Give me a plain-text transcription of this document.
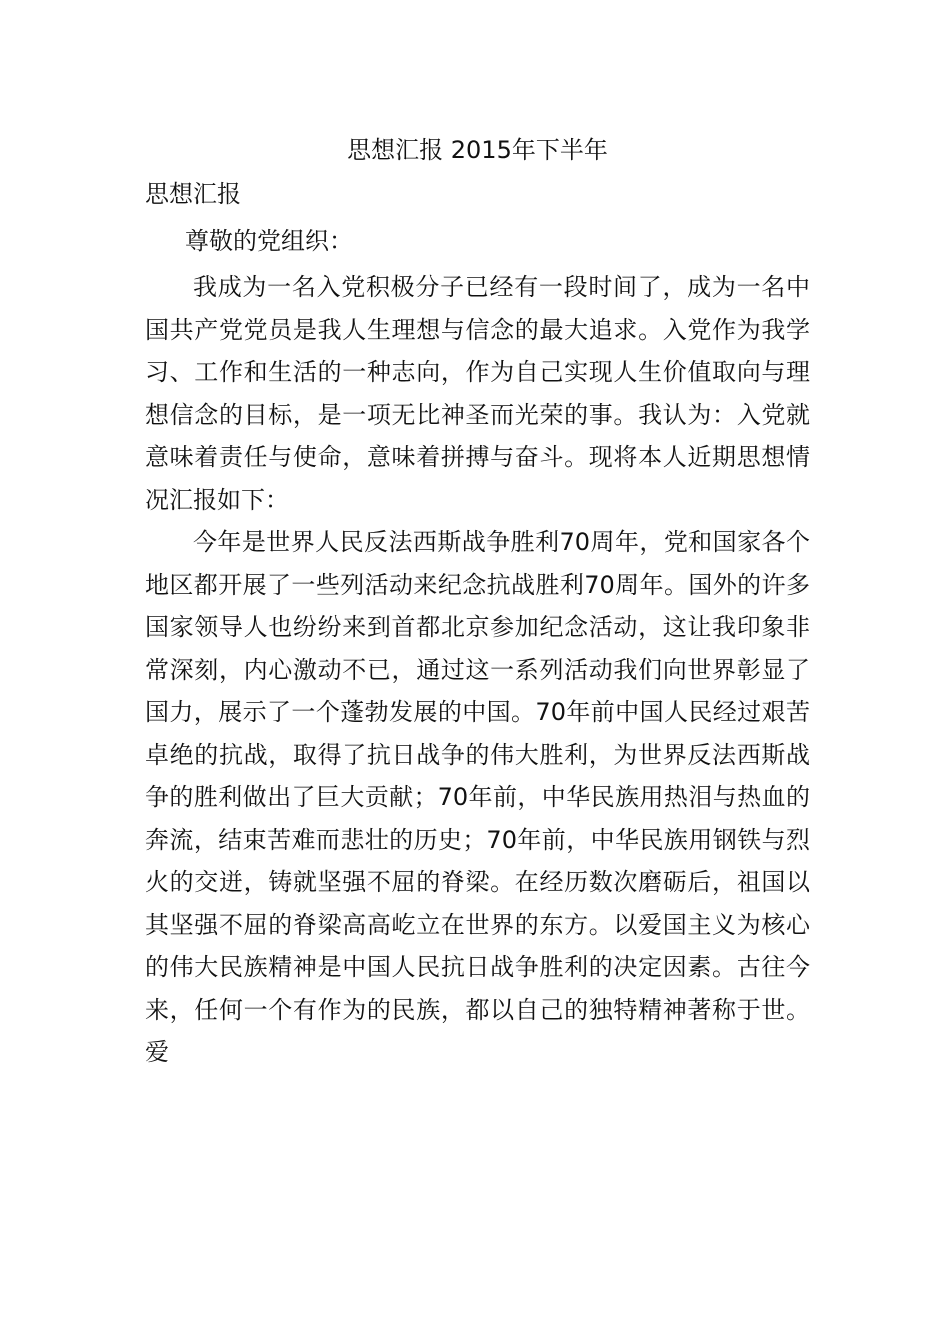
思想汇报 2015年下半年

思想汇报

尊敬的党组织：

我成为一名入党积极分子已经有一段时间了，成为一名中国共产党党员是我人生理想与信念的最大追求。入党作为我学习、工作和生活的一种志向，作为自己实现人生价值取向与理想信念的目标，是一项无比神圣而光荣的事。我认为：入党就意味着责任与使命，意味着拼搏与奋斗。现将本人近期思想情况汇报如下：

今年是世界人民反法西斯战争胜利70周年，党和国家各个地区都开展了一些列活动来纪念抗战胜利70周年。国外的许多国家领导人也纷纷来到首都北京参加纪念活动，这让我印象非常深刻，内心激动不已，通过这一系列活动我们向世界彰显了国力，展示了一个蓬勃发展的中国。70年前中国人民经过艰苦卓绝的抗战，取得了抗日战争的伟大胜利，为世界反法西斯战争的胜利做出了巨大贡献；70年前，中华民族用热泪与热血的奔流，结束苦难而悲壮的历史；70年前，中华民族用钢铁与烈火的交迸，铸就坚强不屈的脊梁。在经历数次磨砺后，祖国以其坚强不屈的脊梁高高屹立在世界的东方。以爱国主义为核心的伟大民族精神是中国人民抗日战争胜利的决定因素。古往今来，任何一个有作为的民族，都以自己的独特精神著称于世。爱
